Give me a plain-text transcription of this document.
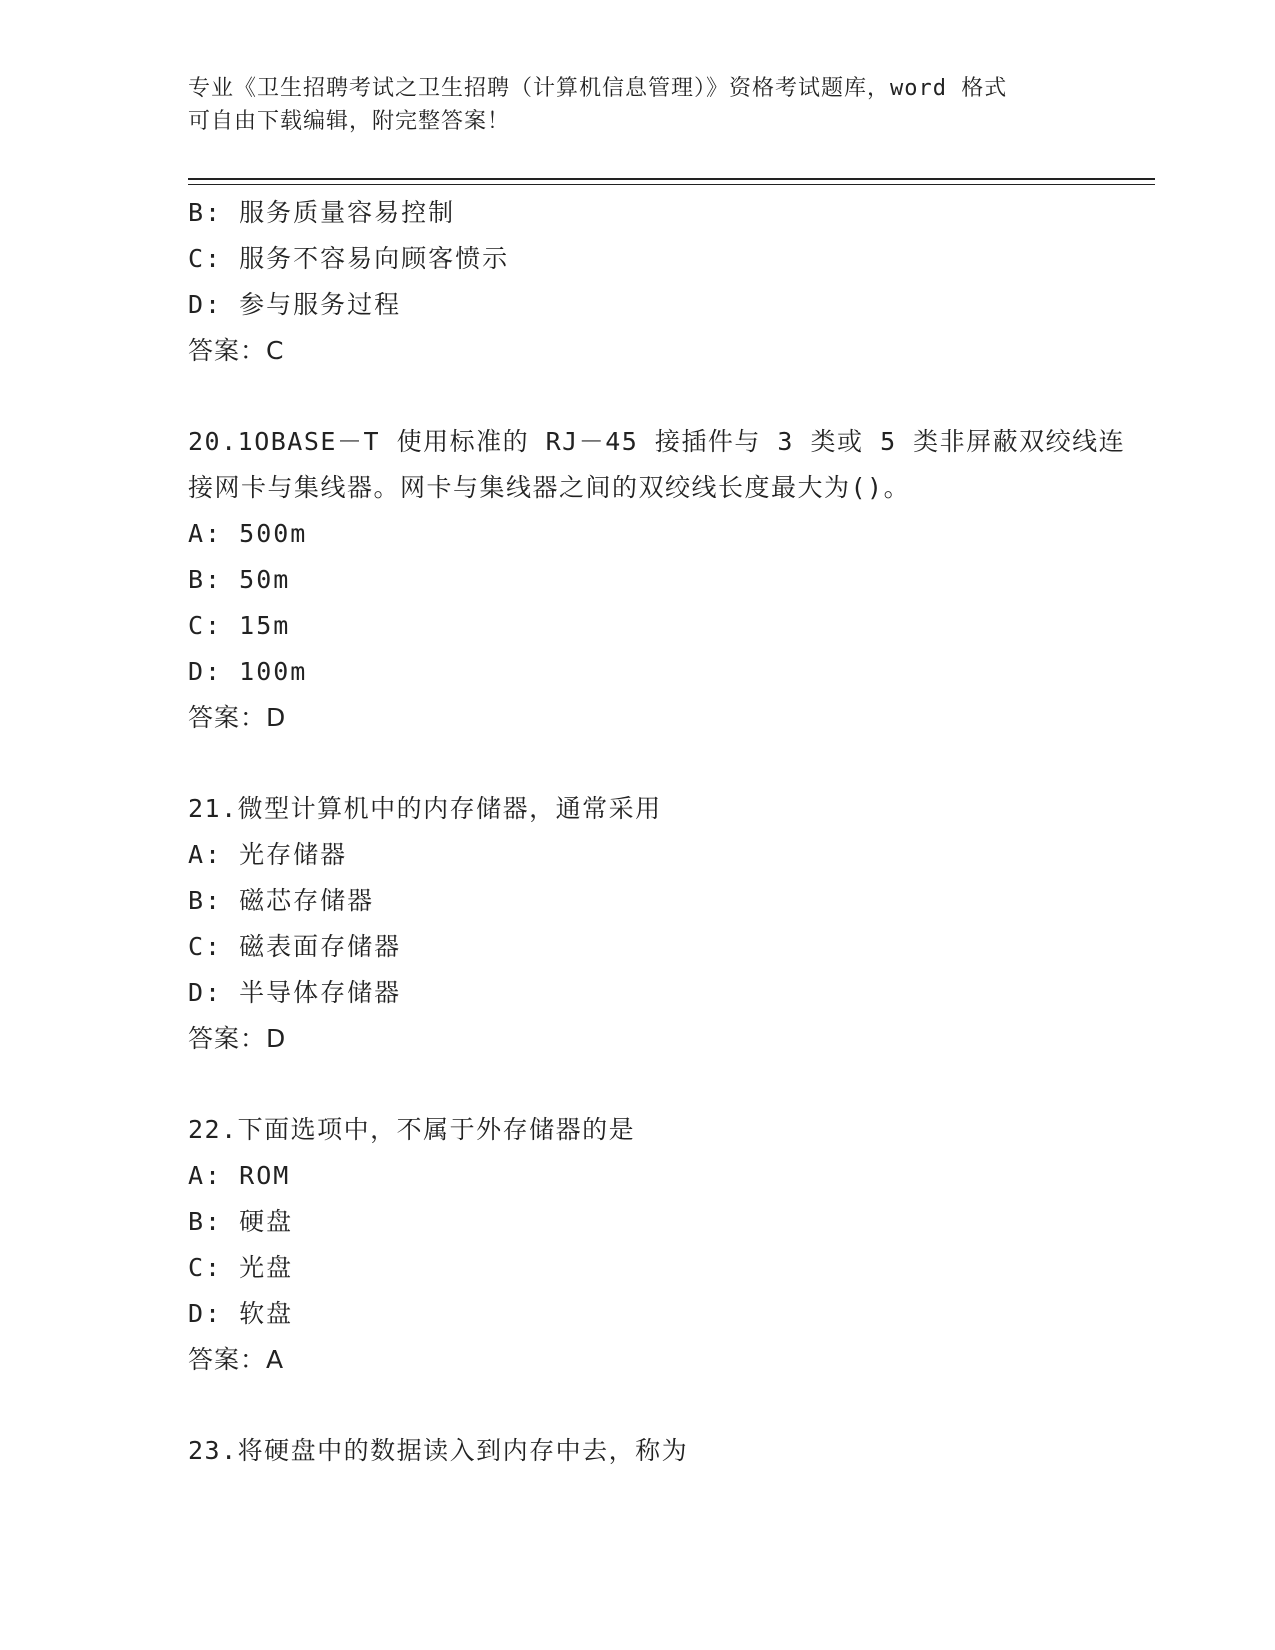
专业《卫生招聘考试之卫生招聘（计算机信息管理）》资格考试题库，word 格式
可自由下载编辑，附完整答案！
B: 服务质量容易控制
C: 服务不容易向顾客愤示
D: 参与服务过程
答案：C
20.1OBASE－T 使用标准的 RJ－45 接插件与 3 类或 5 类非屏蔽双绞线连
接网卡与集线器。网卡与集线器之间的双绞线长度最大为()。
A: 500m
B: 50m
C: 15m
D: 100m
答案：D
21.微型计算机中的内存储器，通常采用
A: 光存储器
B: 磁芯存储器
C: 磁表面存储器
D: 半导体存储器
答案：D
22.下面选项中，不属于外存储器的是
A: ROM
B: 硬盘
C: 光盘
D: 软盘
答案：A
23.将硬盘中的数据读入到内存中去，称为
